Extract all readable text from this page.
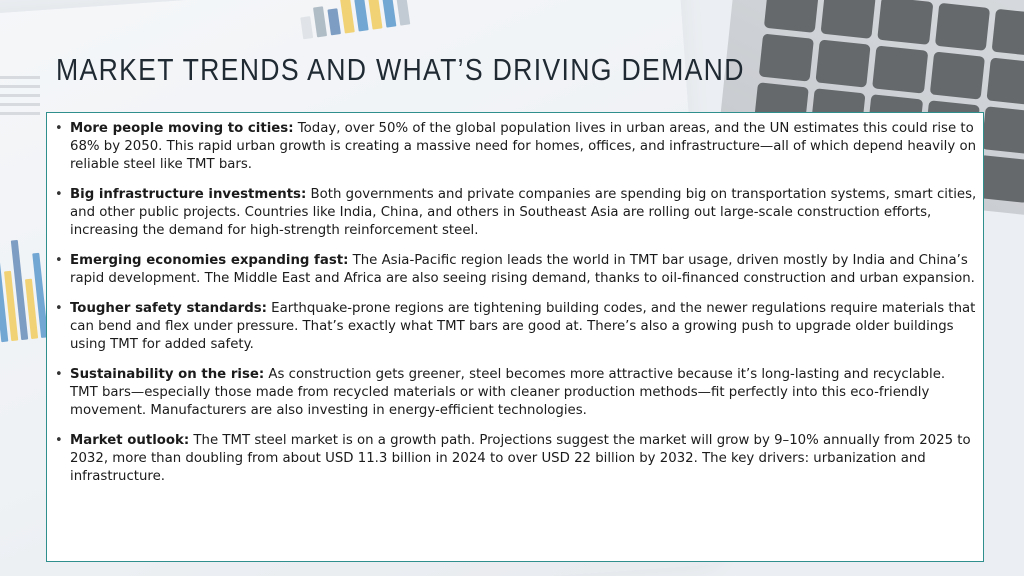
MARKET TRENDS AND WHAT’S DRIVING DEMAND
• More people moving to cities: Today, over 50% of the global population lives in urban areas, and the UN estimates this could rise to 68% by 2050. This rapid urban growth is creating a massive need for homes, offices, and infrastructure—all of which depend heavily on reliable steel like TMT bars.
• Big infrastructure investments: Both governments and private companies are spending big on transportation systems, smart cities, and other public projects. Countries like India, China, and others in Southeast Asia are rolling out large-scale construction efforts, increasing the demand for high-strength reinforcement steel.
• Emerging economies expanding fast: The Asia-Pacific region leads the world in TMT bar usage, driven mostly by India and China’s rapid development. The Middle East and Africa are also seeing rising demand, thanks to oil-financed construction and urban expansion.
• Tougher safety standards: Earthquake-prone regions are tightening building codes, and the newer regulations require materials that can bend and flex under pressure. That’s exactly what TMT bars are good at. There’s also a growing push to upgrade older buildings using TMT for added safety.
• Sustainability on the rise: As construction gets greener, steel becomes more attractive because it’s long-lasting and recyclable. TMT bars—especially those made from recycled materials or with cleaner production methods—fit perfectly into this eco-friendly movement. Manufacturers are also investing in energy-efficient technologies.
• Market outlook: The TMT steel market is on a growth path. Projections suggest the market will grow by 9–10% annually from 2025 to 2032, more than doubling from about USD 11.3 billion in 2024 to over USD 22 billion by 2032. The key drivers: urbanization and infrastructure.
